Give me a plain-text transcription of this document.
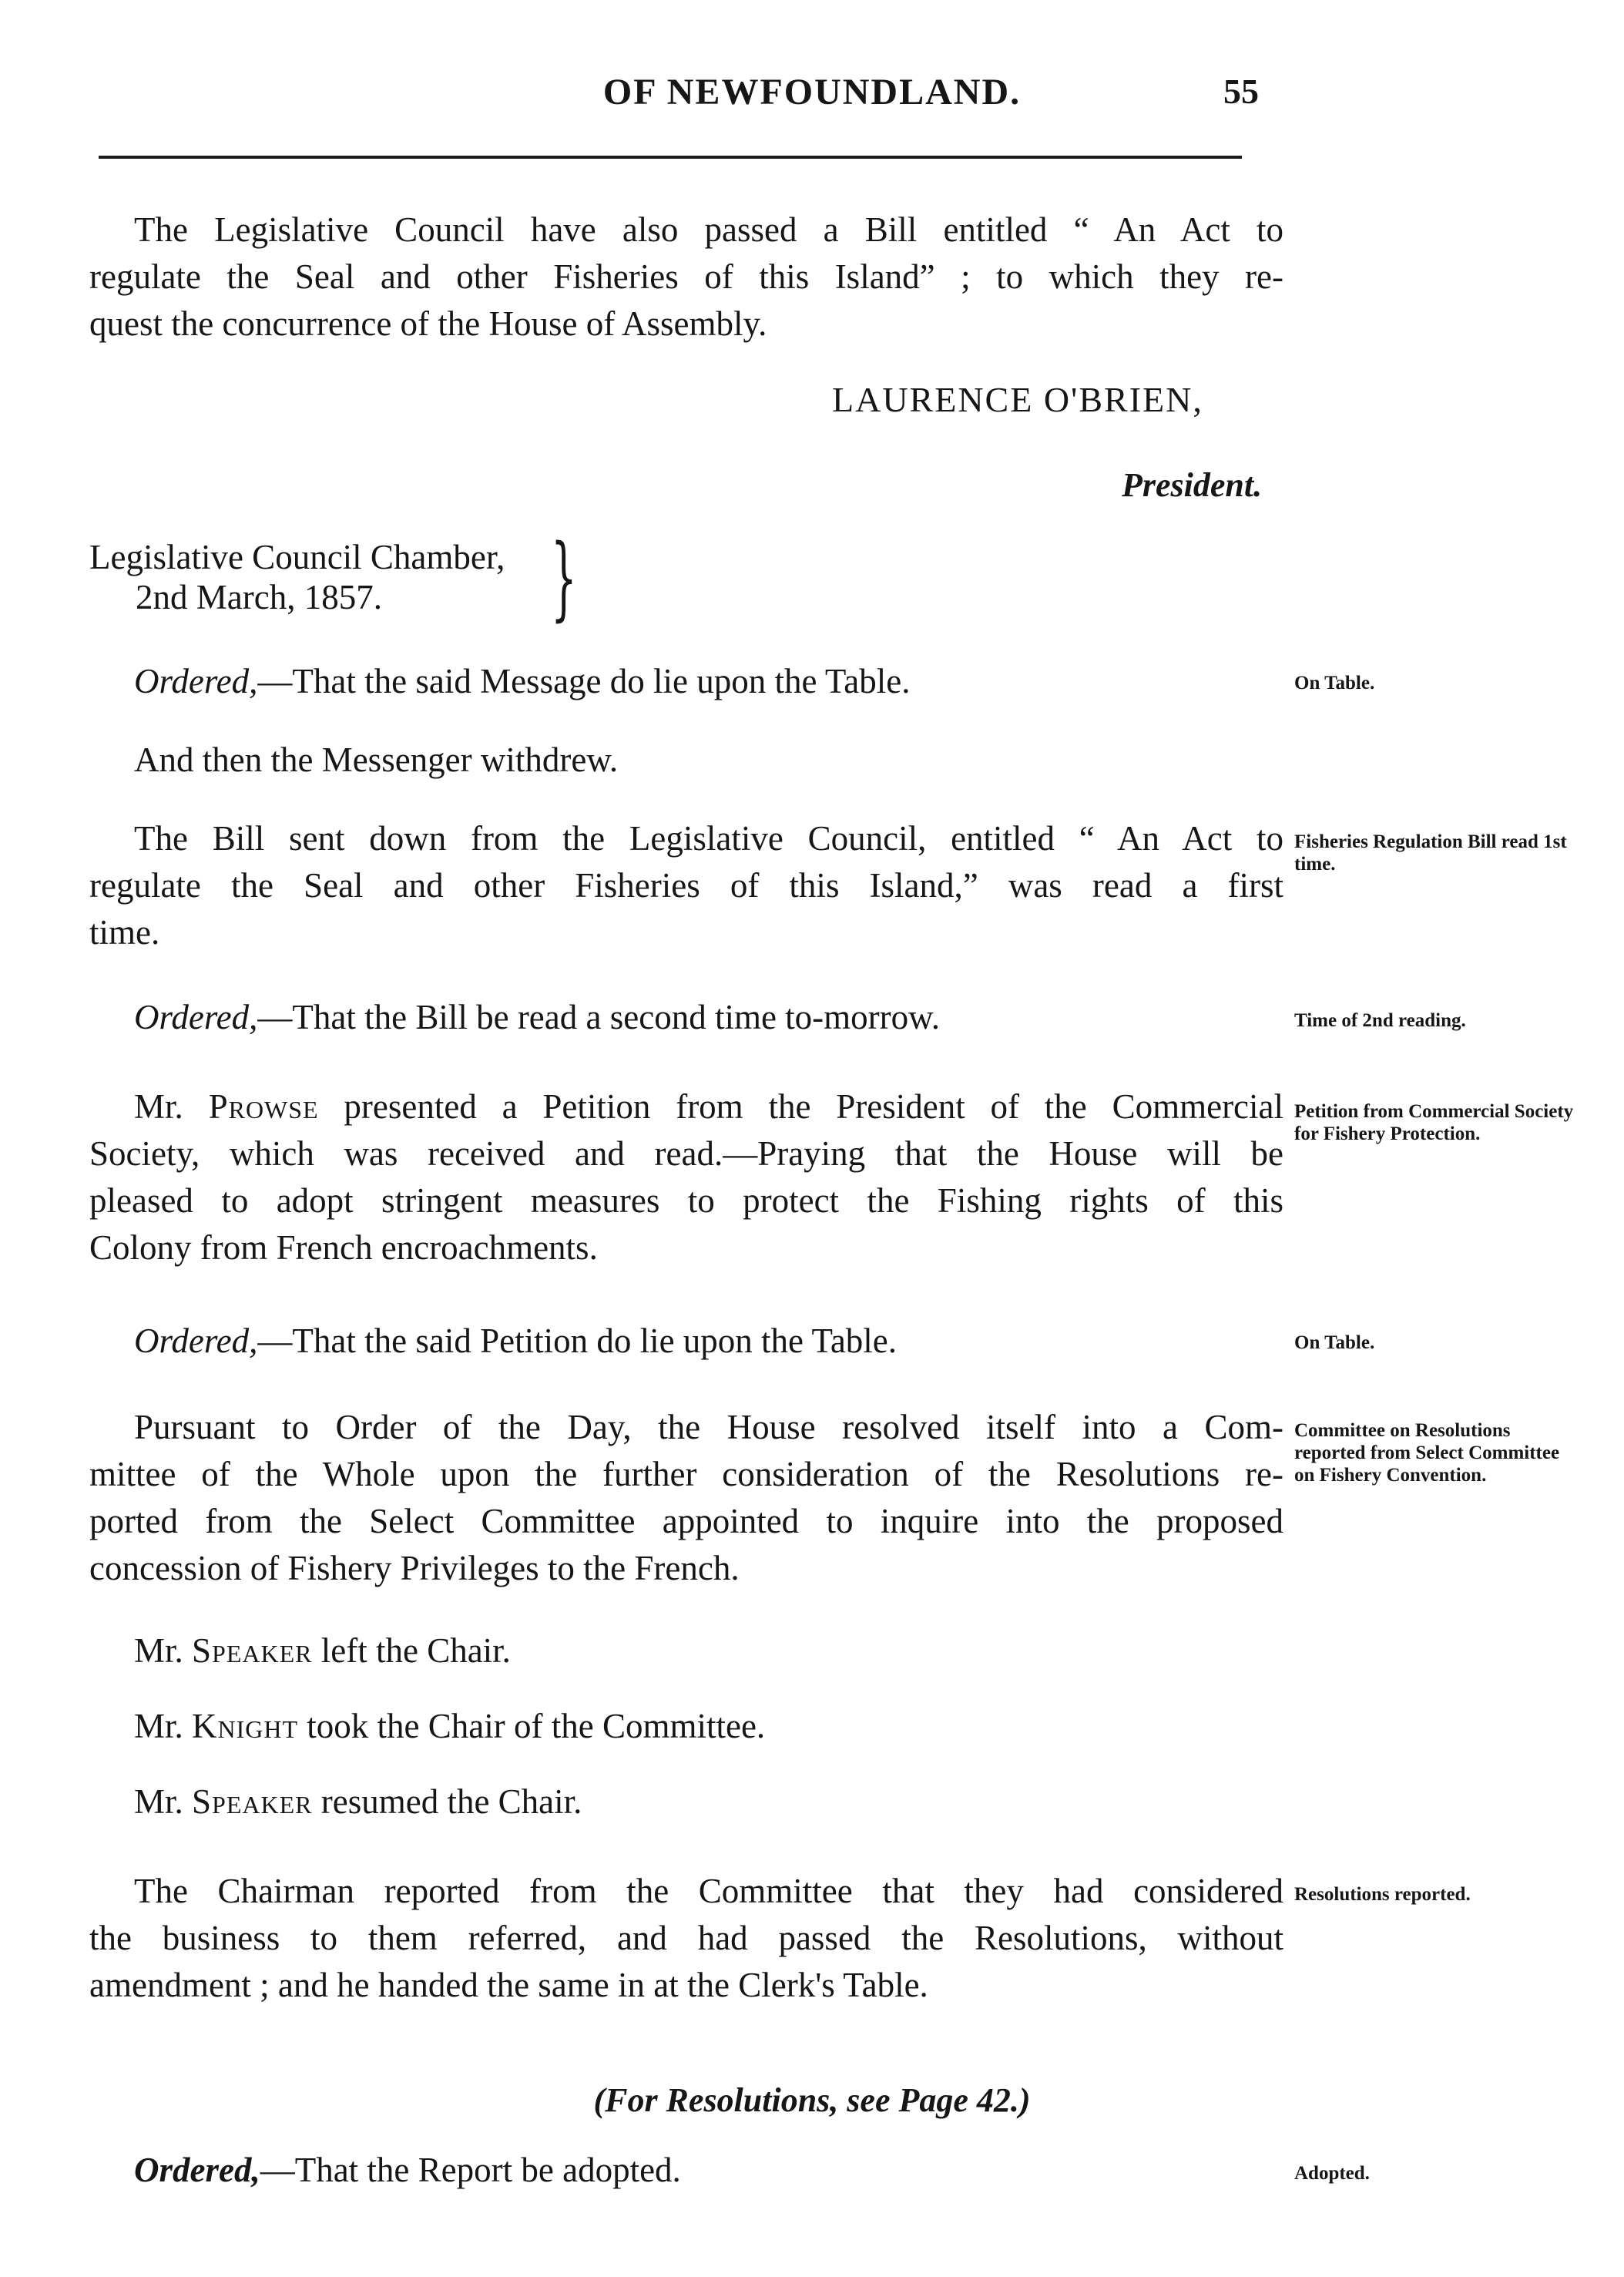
OF NEWFOUNDLAND.	55
The Legislative Council have also passed a Bill entitled “ An Act to
regulate the Seal and other Fisheries of this Island” ; to which they re-
quest the concurrence of the House of Assembly.
LAURENCE O'BRIEN,
President.
Legislative Council Chamber,
2nd March, 1857.	}
Ordered,—That the said Message do lie upon the Table.	On Table.
And then the Messenger withdrew.
The Bill sent down from the Legislative Council, entitled “ An Act to
regulate the Seal and other Fisheries of this Island,” was read a first
time.
Fisheries Regulation Bill read 1st time.
Ordered,—That the Bill be read a second time to-morrow.	Time of 2nd reading.
Mr. Prowse presented a Petition from the President of the Commercial
Society, which was received and read.—Praying that the House will be
pleased to adopt stringent measures to protect the Fishing rights of this
Colony from French encroachments.
Petition from Commercial Society for Fishery Protection.
Ordered,—That the said Petition do lie upon the Table.	On Table.
Pursuant to Order of the Day, the House resolved itself into a Com-
mittee of the Whole upon the further consideration of the Resolutions re-
ported from the Select Committee appointed to inquire into the proposed
concession of Fishery Privileges to the French.
Committee on Resolutions reported from Select Committee on Fishery Convention.
Mr. Speaker left the Chair.
Mr. Knight took the Chair of the Committee.
Mr. Speaker resumed the Chair.
The Chairman reported from the Committee that they had considered
the business to them referred, and had passed the Resolutions, without
amendment ; and he handed the same in at the Clerk's Table.
Resolutions reported.
(For Resolutions, see Page 42.)
Ordered,—That the Report be adopted.	Adopted.
